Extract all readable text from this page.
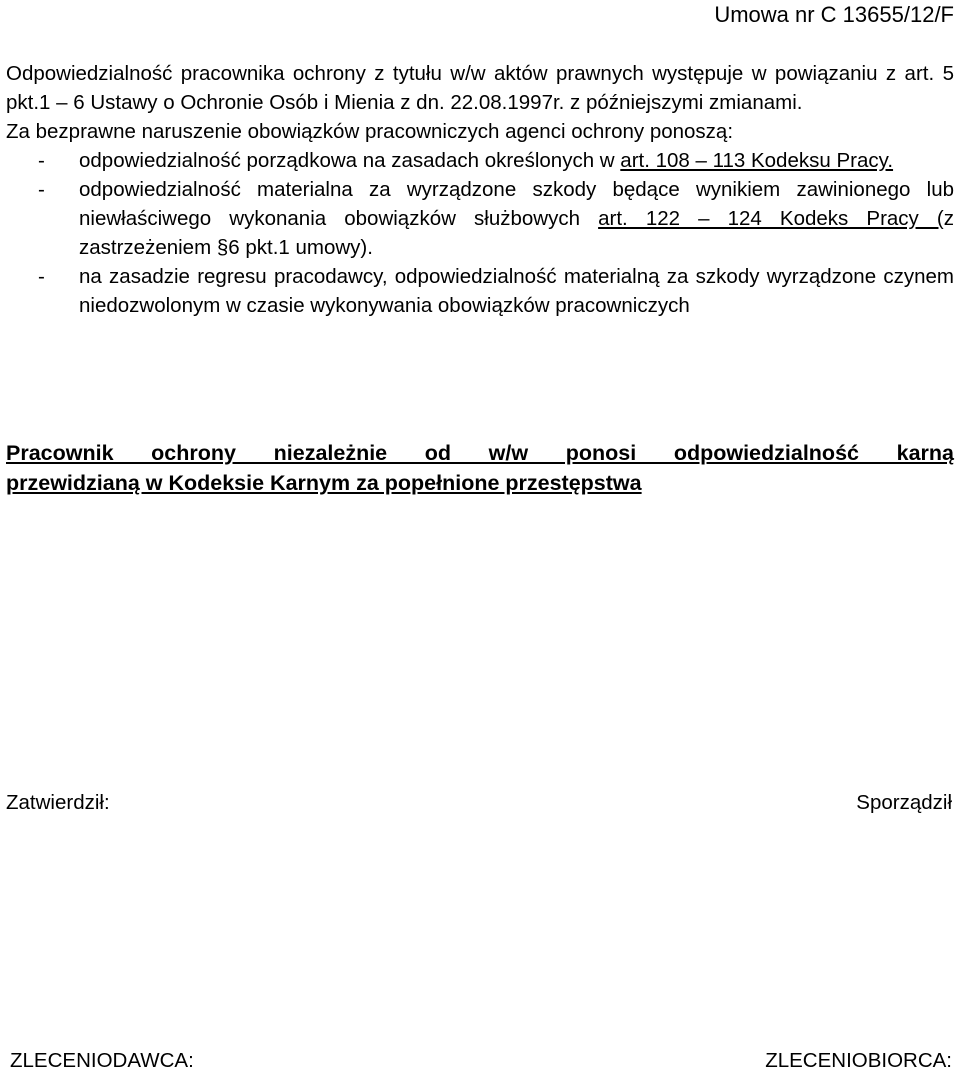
Umowa nr C 13655/12/F

Odpowiedzialność pracownika ochrony z tytułu w/w aktów prawnych występuje w powiązaniu z art. 5 pkt.1 – 6 Ustawy o Ochronie Osób i Mienia z dn. 22.08.1997r. z późniejszymi zmianami.

Za bezprawne naruszenie obowiązków pracowniczych agenci ochrony ponoszą:

- odpowiedzialność porządkowa na zasadach określonych w art. 108 – 113 Kodeksu Pracy.
- odpowiedzialność materialna za wyrządzone szkody będące wynikiem zawinionego lub niewłaściwego wykonania obowiązków służbowych art. 122 – 124 Kodeks Pracy (z zastrzeżeniem §6 pkt.1 umowy).
- na zasadzie regresu pracodawcy, odpowiedzialność materialną za szkody wyrządzone czynem niedozwolonym w czasie wykonywania obowiązków pracowniczych
Pracownik ochrony niezależnie od w/w ponosi odpowiedzialność karną
przewidzianą w Kodeksie Karnym za popełnione przestępstwa
Zatwierdził:	Sporządził
ZLECENIODAWCA:	ZLECENIOBIORCA:
